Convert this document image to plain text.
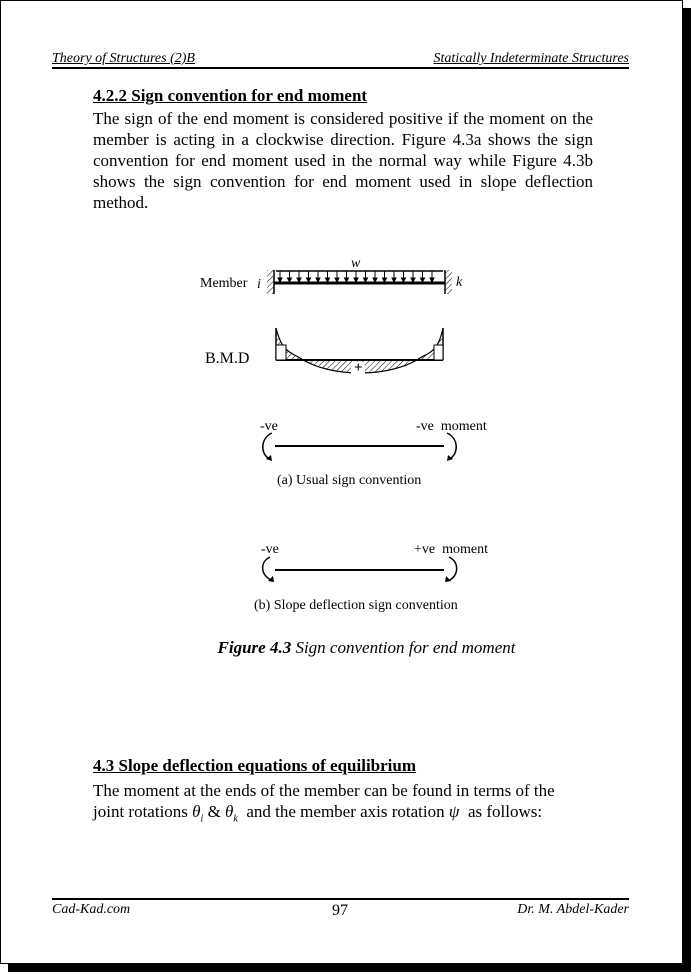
Theory of Structures (2)B	Statically Indeterminate Structures
4.2.2 Sign convention for end moment
The sign of the end moment is considered positive if the moment on the member is acting in a clockwise direction. Figure 4.3a shows the sign convention for end moment used in the normal way while Figure 4.3b shows the sign convention for end moment used in slope deflection method.
w
Member i	k
B.M.D
+
-ve	-ve  moment
(a) Usual sign convention
-ve	+ve  moment
(b) Slope deflection sign convention
Figure 4.3 Sign convention for end moment
4.3 Slope deflection equations of equilibrium
The moment at the ends of the member can be found in terms of the
joint rotations $\theta_i$ & $\theta_k$  and the member axis rotation ψ  as follows:
Cad-Kad.com	97	Dr. M. Abdel-Kader
